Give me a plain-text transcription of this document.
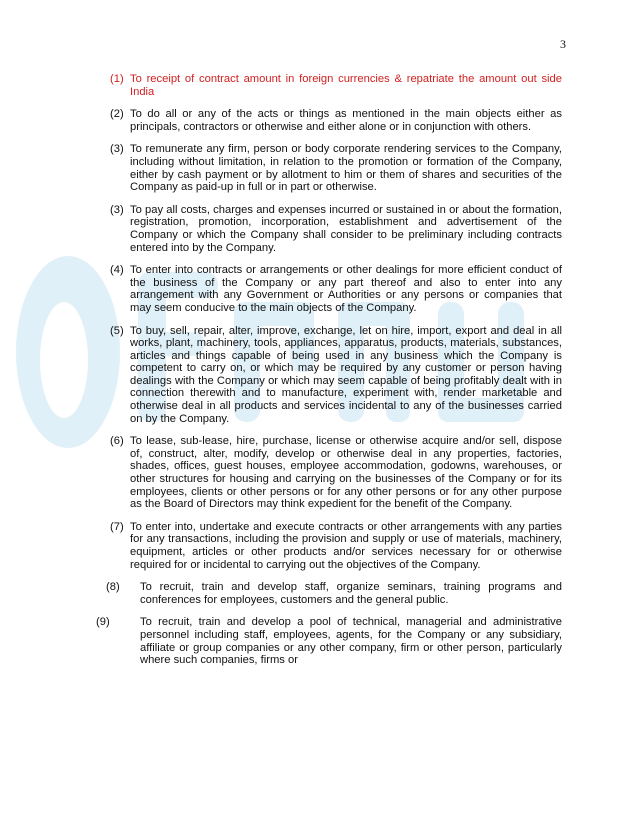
3
(1) To receipt of contract amount in foreign currencies & repatriate the amount out side India
(2) To do all or any of the acts or things as mentioned in the main objects either as principals, contractors or otherwise and either alone or in conjunction with others.
(3) To remunerate any firm, person or body corporate rendering services to the Company, including without limitation, in relation to the promotion or formation of the Company, either by cash payment or by allotment to him or them of shares and securities of the Company as paid-up in full or in part or otherwise.
(3) To pay all costs, charges and expenses incurred or sustained in or about the formation, registration, promotion, incorporation, establishment and advertisement of the Company or which the Company shall consider to be preliminary including contracts entered into by the Company.
(4) To enter into contracts or arrangements or other dealings for more efficient conduct of the business of the Company or any part thereof and also to enter into any arrangement with any Government or Authorities or any persons or companies that may seem conducive to the main objects of the Company.
(5) To buy, sell, repair, alter, improve, exchange, let on hire, import, export and deal in all works, plant, machinery, tools, appliances, apparatus, products, materials, substances, articles and things capable of being used in any business which the Company is competent to carry on, or which may be required by any customer or person having dealings with the Company or which may seem capable of being profitably dealt with in connection therewith and to manufacture, experiment with, render marketable and otherwise deal in all products and services incidental to any of the businesses carried on by the Company.
(6) To lease, sub-lease, hire, purchase, license or otherwise acquire and/or sell, dispose of, construct, alter, modify, develop or otherwise deal in any properties, factories, shades, offices, guest houses, employee accommodation, godowns, warehouses, or other structures for housing and carrying on the businesses of the Company or for its employees, clients or other persons or for any other persons or for any other purpose as the Board of Directors may think expedient for the benefit of the Company.
(7) To enter into, undertake and execute contracts or other arrangements with any parties for any transactions, including the provision and supply or use of materials, machinery, equipment, articles or other products and/or services necessary for or otherwise required for or incidental to carrying out the objectives of the Company.
(8) To recruit, train and develop staff, organize seminars, training programs and conferences for employees, customers and the general public.
(9)	To recruit, train and develop a pool of technical, managerial and administrative personnel including staff, employees, agents, for the Company or any subsidiary, affiliate or group companies or any other company, firm or other person, particularly where such companies, firms or
